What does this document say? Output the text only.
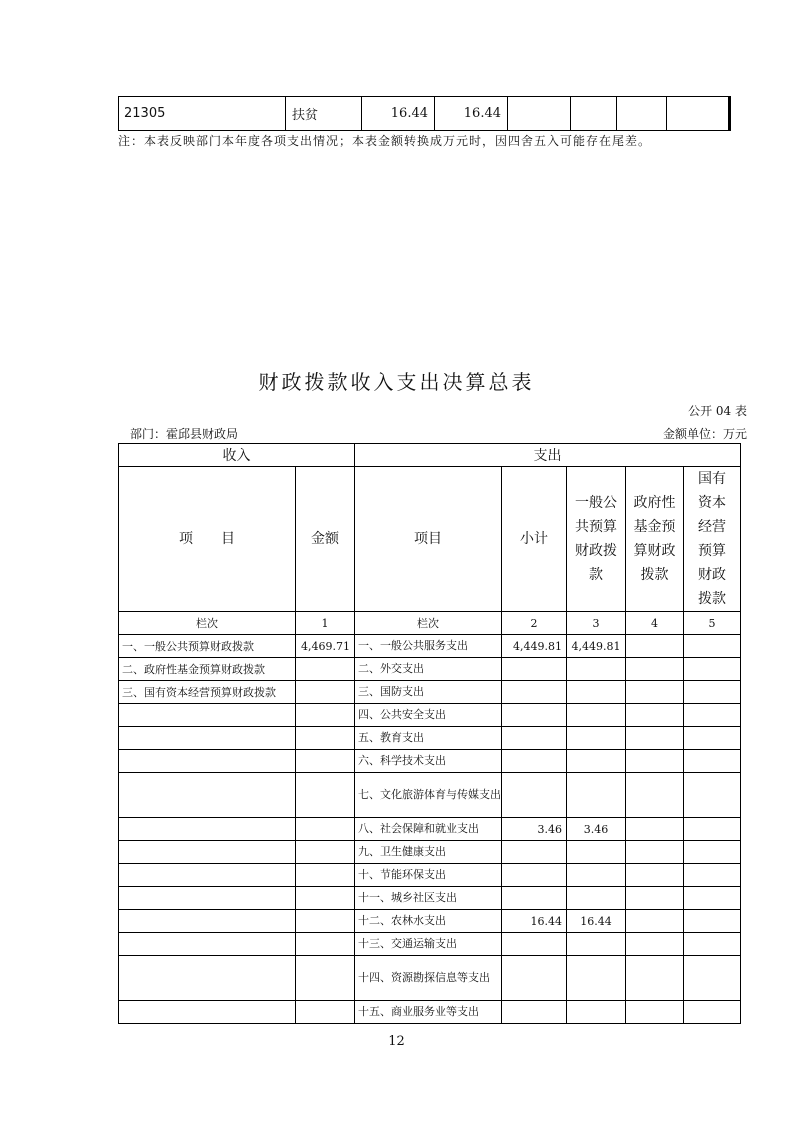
21305	扶贫	16.44	16.44				
注：本表反映部门本年度各项支出情况；本表金额转换成万元时，因四舍五入可能存在尾差。
财政拨款收入支出决算总表
公开 04 表
部门：霍邱县财政局	金额单位：万元
收入		支出				
项　　目	金额	项目	小计	一般公共预算财政拨款	政府性基金预算财政拨款	国有资本经营预算财政拨款
栏次	1	栏次	2	3	4	5
一、一般公共预算财政拨款	4,469.71	一、一般公共服务支出	4,449.81	4,449.81		
二、政府性基金预算财政拨款		二、外交支出				
三、国有资本经营预算财政拨款		三、国防支出				
		四、公共安全支出				
		五、教育支出				
		六、科学技术支出				
		七、文化旅游体育与传媒支出				
		八、社会保障和就业支出	3.46	3.46		
		九、卫生健康支出				
		十、节能环保支出				
		十一、城乡社区支出				
		十二、农林水支出	16.44	16.44		
		十三、交通运输支出				
		十四、资源勘探信息等支出				
		十五、商业服务业等支出				
12
